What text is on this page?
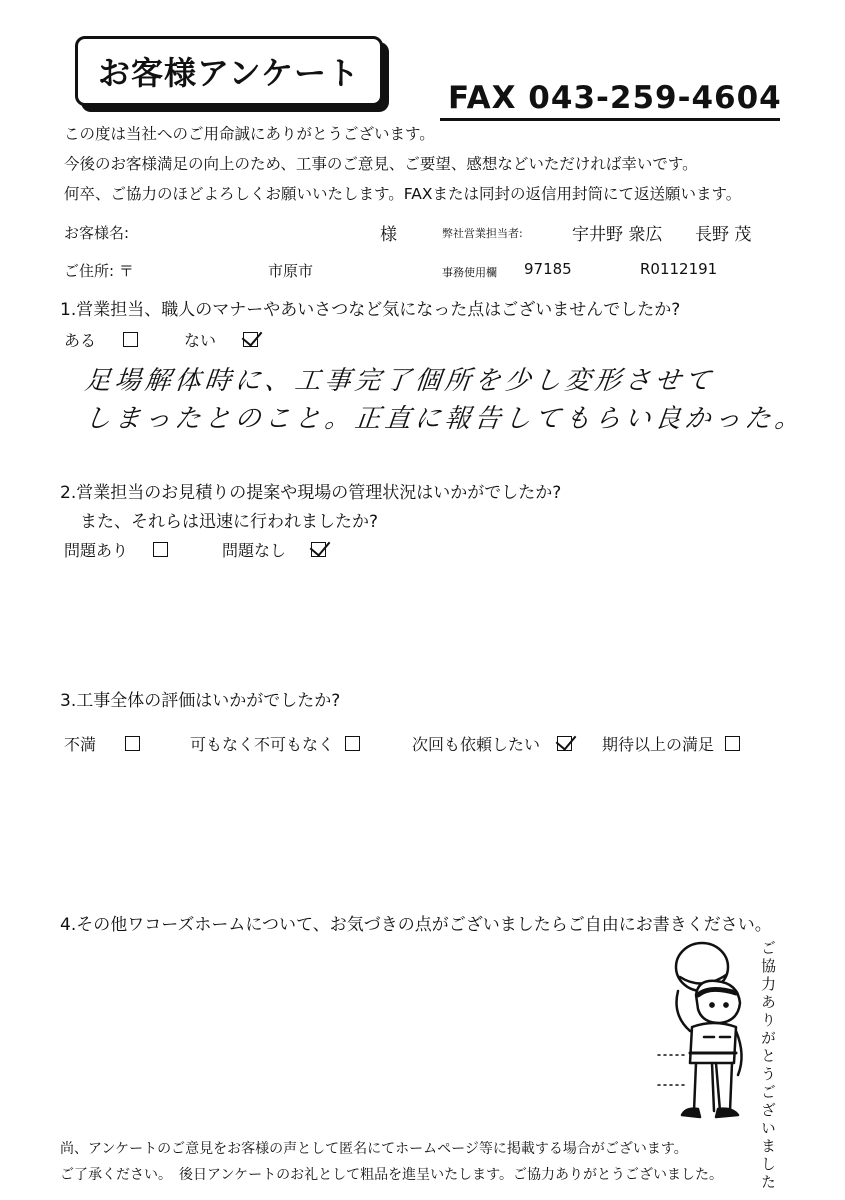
お客様アンケート
FAX 043-259-4604
この度は当社へのご用命誠にありがとうございます。
今後のお客様満足の向上のため、工事のご意見、ご要望、感想などいただければ幸いです。
何卒、ご協力のほどよろしくお願いいたします。FAXまたは同封の返信用封筒にて返送願います。
お客様名:	様	弊社営業担当者:	宇井野 衆広 長野 茂
ご住所: 〒	市原市	事務使用欄 97185	R0112191
1.営業担当、職人のマナーやあいさつなど気になった点はございませんでしたか?
ある	ない
足場解体時に、工事完了個所を少し変形させて
しまったとのこと。正直に報告してもらい良かった。
2.営業担当のお見積りの提案や現場の管理状況はいかがでしたか?
また、それらは迅速に行われましたか?
問題あり	問題なし
3.工事全体の評価はいかがでしたか?
不満	可もなく不可もなく	次回も依頼したい	期待以上の満足
4.その他ワコーズホームについて、お気づきの点がございましたらご自由にお書きください。
ご協力ありがとうございました
尚、アンケートのご意見をお客様の声として匿名にてホームページ等に掲載する場合がございます。
ご了承ください。　後日アンケートのお礼として粗品を進呈いたします。ご協力ありがとうございました。
